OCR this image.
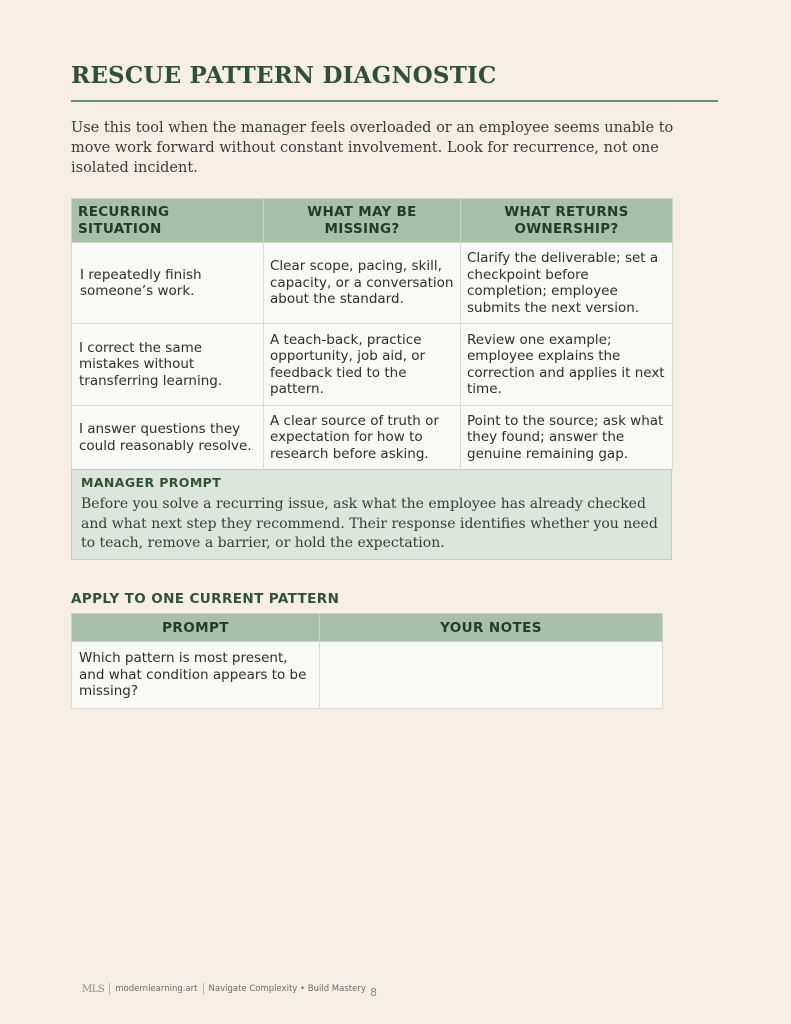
RESCUE PATTERN DIAGNOSTIC

Use this tool when the manager feels overloaded or an employee seems unable to move work forward without constant involvement. Look for recurrence, not one isolated incident.

RECURRING SITUATION	WHAT MAY BE MISSING?	WHAT RETURNS OWNERSHIP?
I repeatedly finish someone’s work.	Clear scope, pacing, skill, capacity, or a conversation about the standard.	Clarify the deliverable; set a checkpoint before completion; employee submits the next version.
I correct the same mistakes without transferring learning.	A teach-back, practice opportunity, job aid, or feedback tied to the pattern.	Review one example; employee explains the correction and applies it next time.
I answer questions they could reasonably resolve.	A clear source of truth or expectation for how to research before asking.	Point to the source; ask what they found; answer the genuine remaining gap.
MANAGER PROMPT

Before you solve a recurring issue, ask what the employee has already checked and what next step they recommend. Their response identifies whether you need to teach, remove a barrier, or hold the expectation.

APPLY TO ONE CURRENT PATTERN
PROMPT	YOUR NOTES
Which pattern is most present, and what condition appears to be missing?	
MLS modernlearning.art Navigate Complexity • Build Mastery 8
